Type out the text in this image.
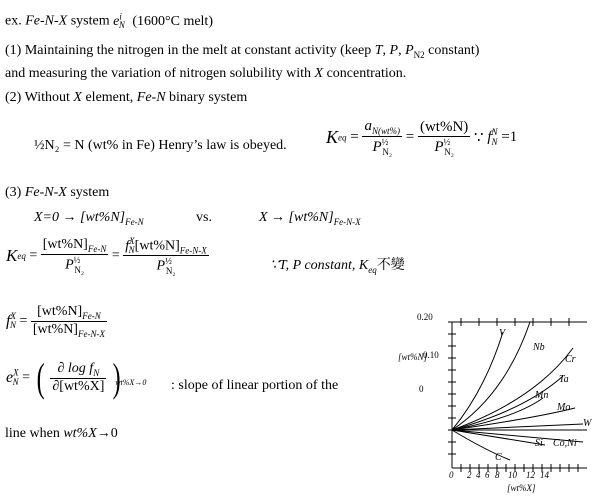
ex. Fe-N-X system $e^i_N$ (1600°C melt)
(1) Maintaining the nitrogen in the melt at constant activity (keep T, P, $P_{N2}$ constant)
and measuring the variation of nitrogen solubility with X concentration.
(2) Without X element, Fe-N binary system
½N₂ = N (wt% in Fe) Henry’s law is obeyed. Keq = $\frac{a_{N(wt\%)}}{P^{\frac{1}{2}}_{N_2}} = \frac{(wt\%N)}{P^{\frac{1}{2}}_{N_2}}$ ∵ $f^N_N =1$
(3) Fe-N-X system
$X=0 \to [wt\%N]_{Fe-N}$	vs.	$X \to [wt\%N]_{Fe-N-X}$
Keq = $\frac{[wt\%N]_{Fe-N}}{P^{\frac{1}{2}}_{N_2}} = \frac{f^X_N[wt\%N]_{Fe-N-X}}{P^{\frac{1}{2}}_{N_2}}$	∵T, P constant, $K_{eq}$不變
$f^X_N = \frac{[wt\%N]_{Fe-N}}{[wt\%N]_{Fe-N-X}}$
$e^X_N$ = ( $\frac{\partial \log f_N}{\partial[wt\%X]} )_{wt\%X\to 0}$ : slope of linear portion of the
line when wt%X→0
0.20
0.10
[wt%N]
0
0 2 4 6 8 10 12 14
[wt%X]
V
Nb
Cr
Ta
Mn
Mo
W
Si Co,Ni
C
